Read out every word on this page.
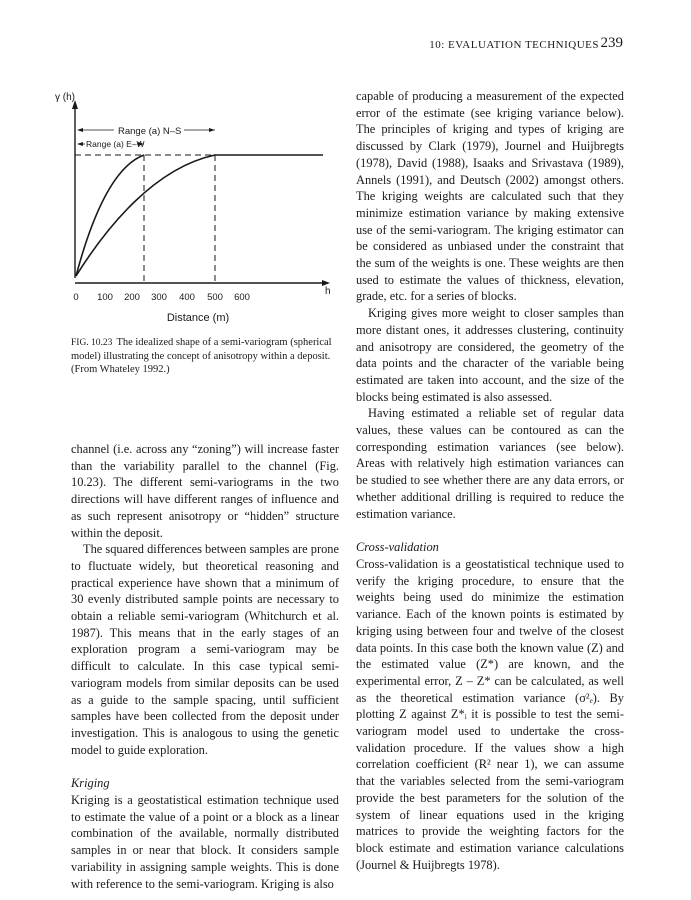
10: EVALUATION TECHNIQUES 239
γ (h)
h
Range (a) N–S
Range (a) E–W
0 100 200 300 400 500 600
Distance (m)
FIG. 10.23 The idealized shape of a semi-variogram (spherical model) illustrating the concept of anisotropy within a deposit. (From Whateley 1992.)

channel (i.e. across any “zoning”) will increase faster than the variability parallel to the channel (Fig. 10.23). The different semi-variograms in the two directions will have different ranges of influence and as such represent anisotropy or “hidden” structure within the deposit.

The squared differences between samples are prone to fluctuate widely, but theoretical reasoning and practical experience have shown that a minimum of 30 evenly distributed sample points are necessary to obtain a reliable semi-variogram (Whitchurch et al. 1987). This means that in the early stages of an exploration program a semi-variogram may be difficult to calculate. In this case typical semi-variogram models from similar deposits can be used as a guide to the sample spacing, until sufficient samples have been collected from the deposit under investigation. This is analogous to using the genetic model to guide exploration.

Kriging

Kriging is a geostatistical estimation technique used to estimate the value of a point or a block as a linear combination of the available, normally distributed samples in or near that block. It considers sample variability in assigning sample weights. This is done with reference to the semi-variogram. Kriging is also

capable of producing a measurement of the expected error of the estimate (see kriging variance below). The principles of kriging and types of kriging are discussed by Clark (1979), Journel and Huijbregts (1978), David (1988), Isaaks and Srivastava (1989), Annels (1991), and Deutsch (2002) amongst others. The kriging weights are calculated such that they minimize estimation variance by making extensive use of the semi-variogram. The kriging estimator can be considered as unbiased under the constraint that the sum of the weights is one. These weights are then used to estimate the values of thickness, elevation, grade, etc. for a series of blocks.

Kriging gives more weight to closer samples than more distant ones, it addresses clustering, continuity and anisotropy are considered, the geometry of the data points and the character of the variable being estimated are taken into account, and the size of the blocks being estimated is also assessed.

Having estimated a reliable set of regular data values, these values can be contoured as can the corresponding estimation variances (see below). Areas with relatively high estimation variances can be studied to see whether there are any data errors, or whether additional drilling is required to reduce the estimation variance.

Cross-validation

Cross-validation is a geostatistical technique used to verify the kriging procedure, to ensure that the weights being used do minimize the estimation variance. Each of the known points is estimated by kriging using between four and twelve of the closest data points. In this case both the known value (Z) and the estimated value (Z*) are known, and the experimental error, Z – Z* can be calculated, as well as the theoretical estimation variance (σ²ₑ). By plotting Z against Z*ᵢ it is possible to test the semi-variogram model used to undertake the cross-validation procedure. If the values show a high correlation coefficient (R² near 1), we can assume that the variables selected from the semi-variogram provide the best parameters for the solution of the system of linear equations used in the kriging matrices to provide the weighting factors for the block estimate and estimation variance calculations (Journel & Huijbregts 1978).
